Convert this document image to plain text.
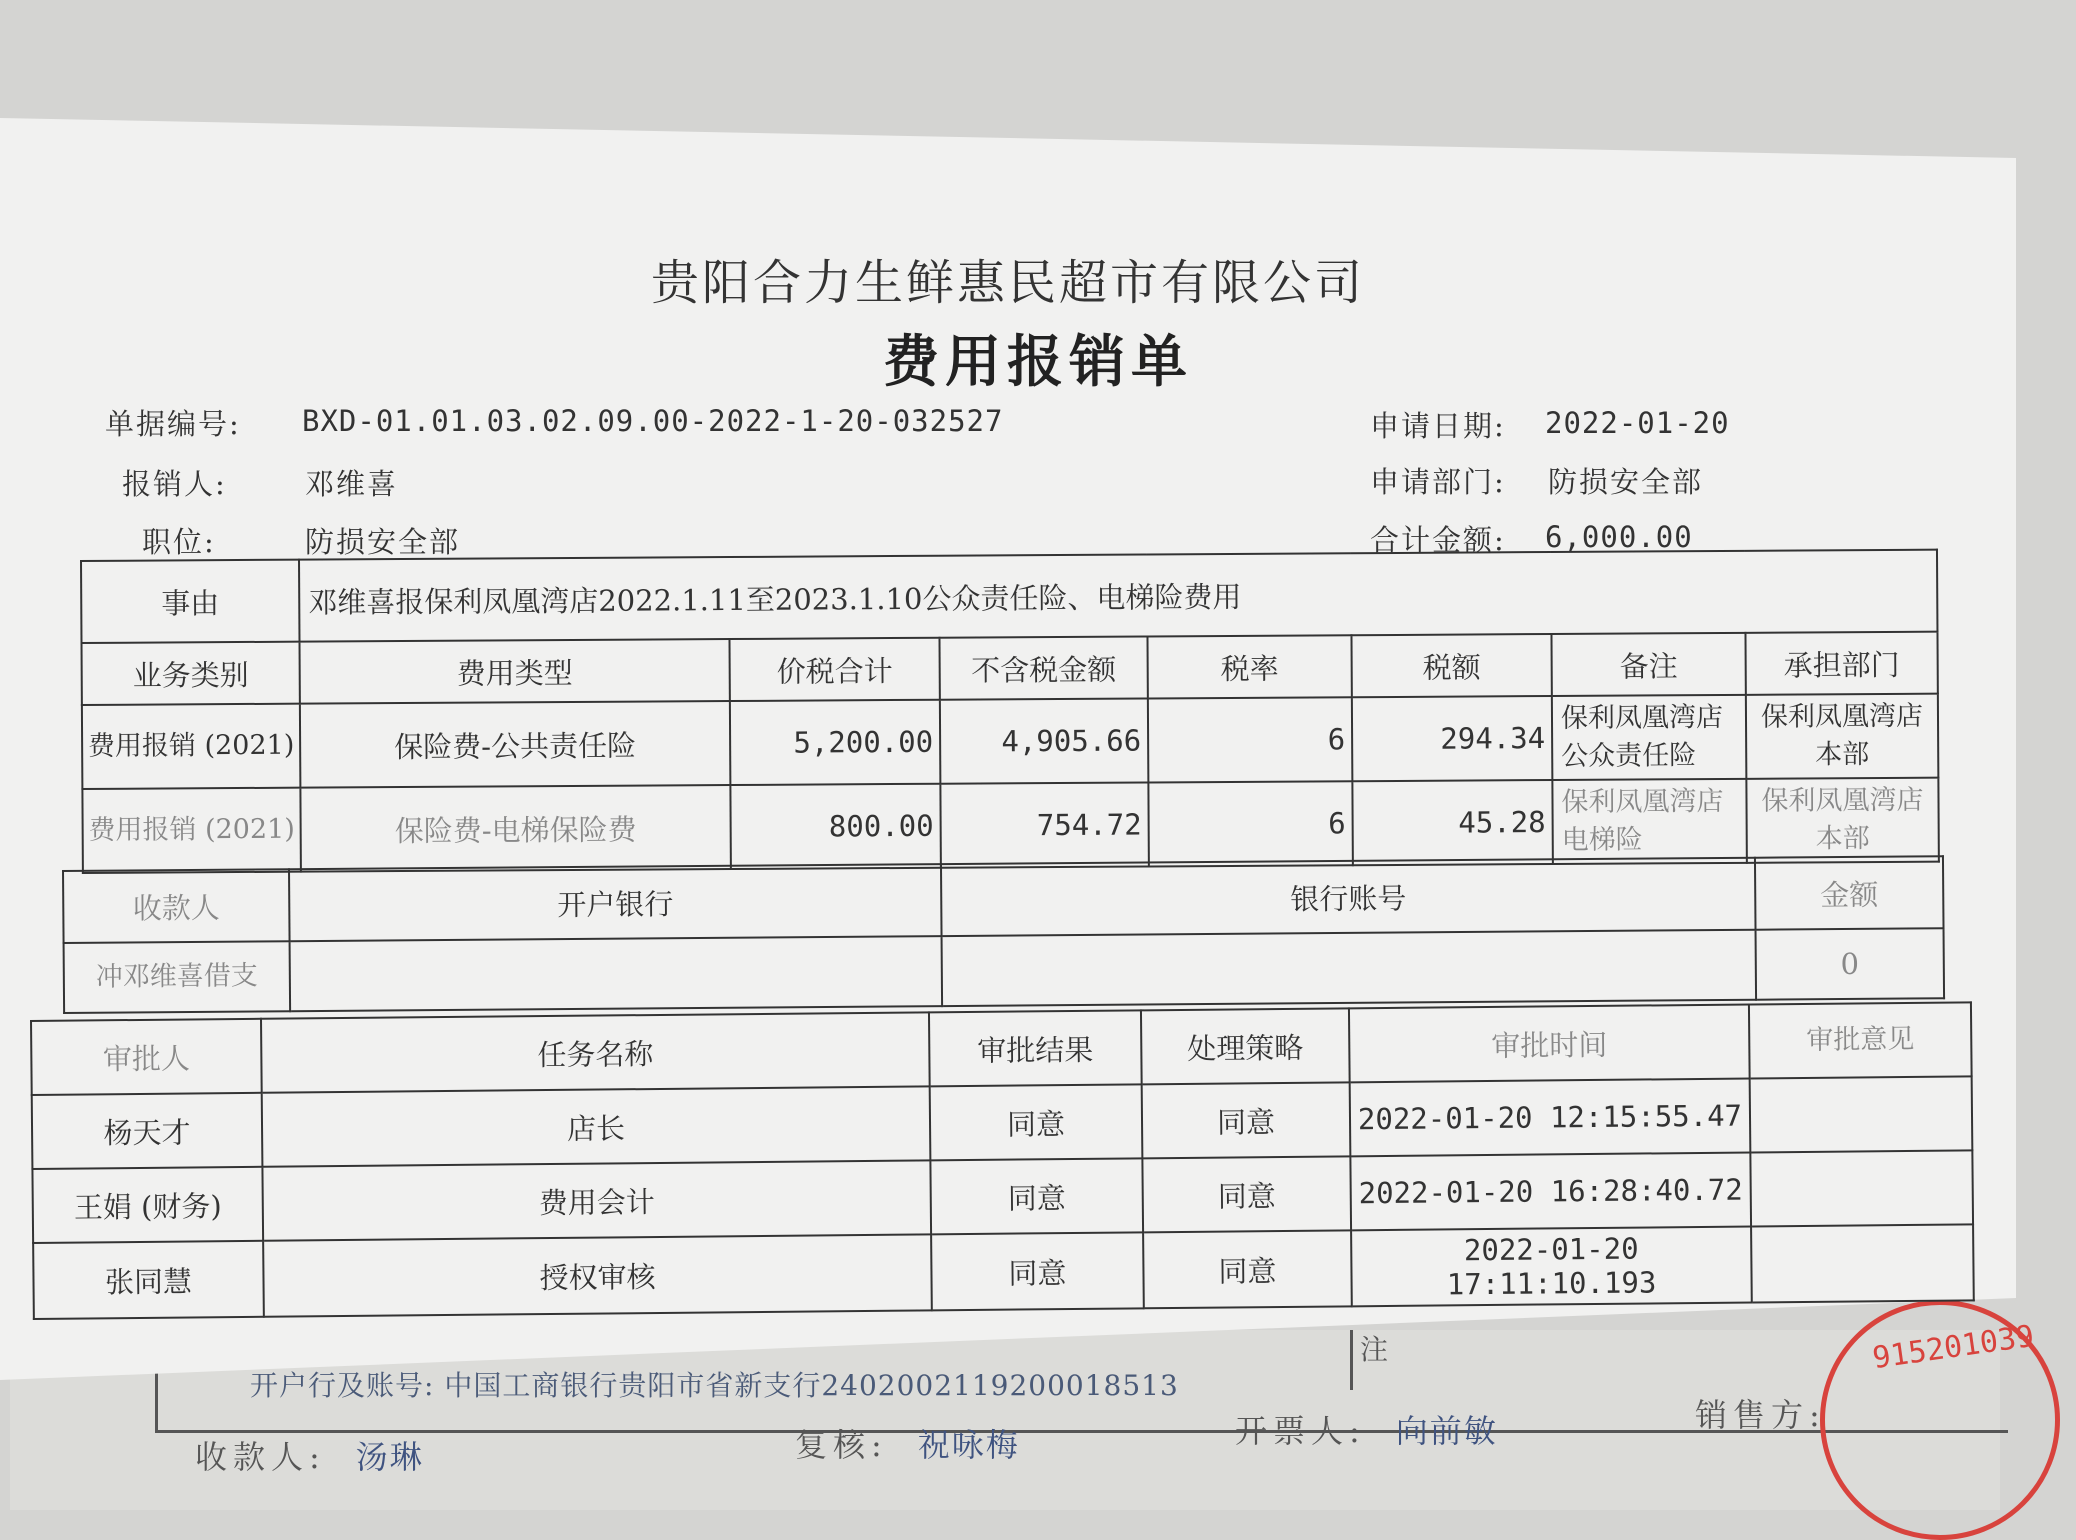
开户行及账号: 中国工商银行贵阳市省新支行2402002119200018513
注
收款人: 汤琳	复核: 祝咏梅	开票人: 向前敏	销售方:
915201039
贵阳合力生鲜惠民超市有限公司
费用报销单
单据编号: BXD-01.01.03.02.09.00-2022-1-20-032527
报销人:	邓维喜
职位:	防损安全部
申请日期: 2022-01-20
申请部门: 防损安全部
合计金额: 6,000.00
事由	邓维喜报保利凤凰湾店2022.1.11至2023.1.10公众责任险、电梯险费用						
业务类别	费用类型	价税合计	不含税金额	税率	税额	备注	承担部门
费用报销 (2021)	保险费-公共责任险	5,200.00	4,905.66	6	294.34	保利凤凰湾店公众责任险	保利凤凰湾店本部
费用报销 (2021)	保险费-电梯保险费	800.00	754.72	6	45.28	保利凤凰湾店电梯险	保利凤凰湾店本部
收款人	开户银行	银行账号	金额
冲邓维喜借支			0
审批人	任务名称	审批结果	处理策略	审批时间	审批意见
杨天才	店长	同意	同意	2022-01-20 12:15:55.47	
王娟 (财务)	费用会计	同意	同意	2022-01-20 16:28:40.72	
张同慧	授权审核	同意	同意	2022-01-20 17:11:10.193	
